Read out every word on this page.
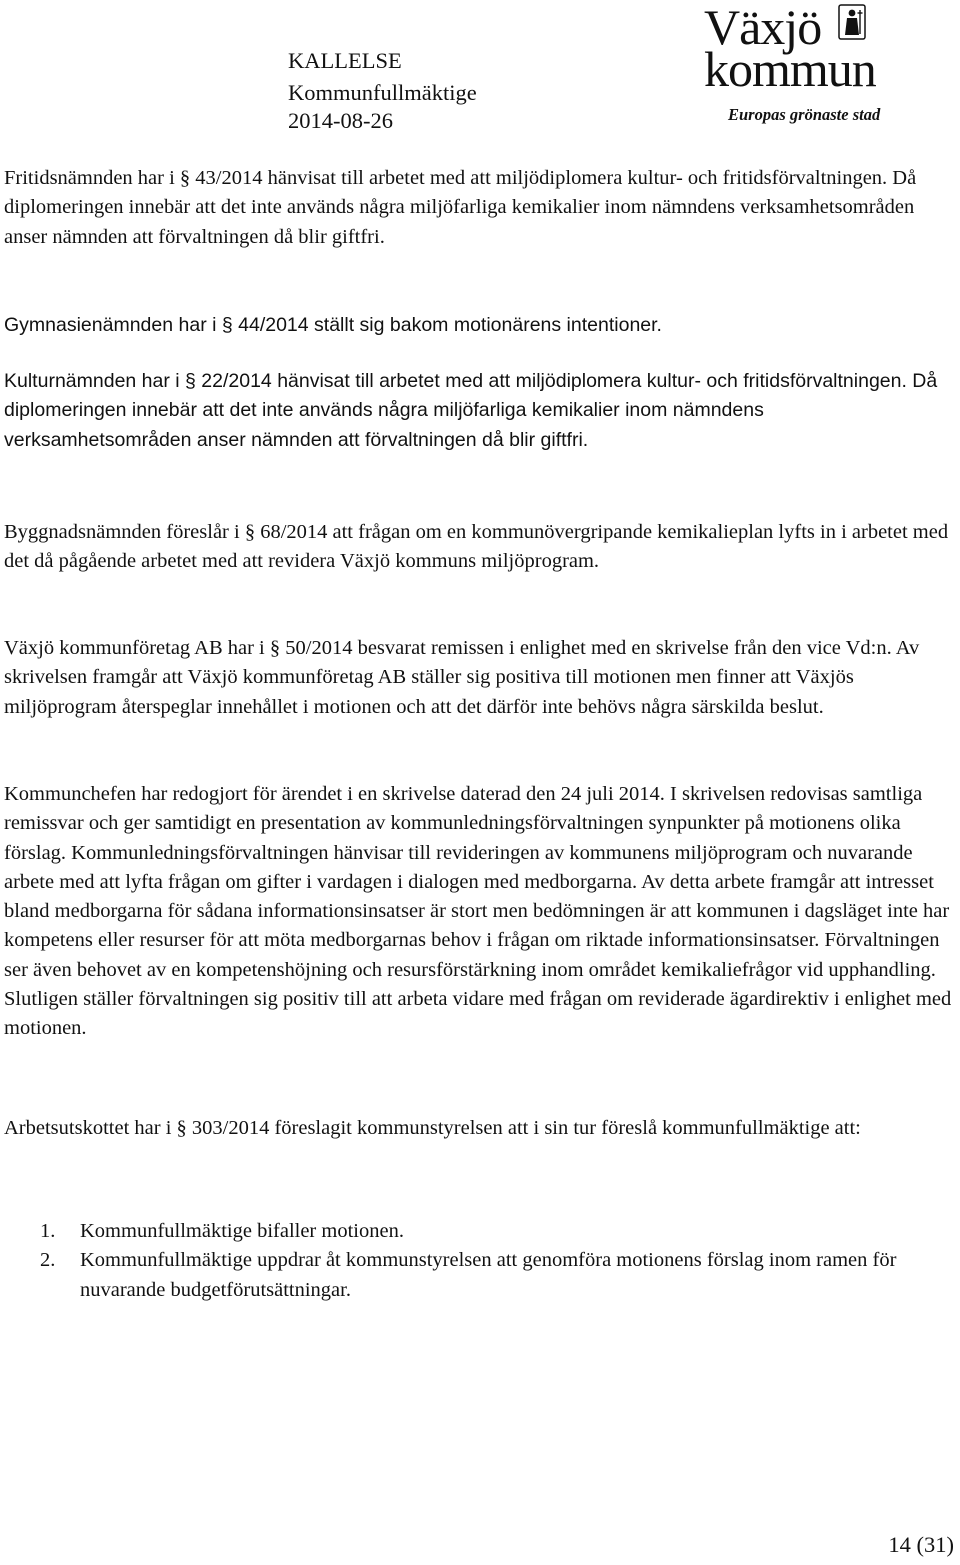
KALLELSE
Kommunfullmäktige
2014-08-26
Växjö
kommun
Europas grönaste stad

Fritidsnämnden har i § 43/2014 hänvisat till arbetet med att miljödiplomera kultur- och fritidsförvaltningen. Då diplomeringen innebär att det inte används några miljöfarliga kemikalier inom nämndens verksamhetsområden anser nämnden att förvaltningen då blir giftfri.

Gymnasienämnden har i § 44/2014 ställt sig bakom motionärens intentioner.

Kulturnämnden har i § 22/2014 hänvisat till arbetet med att miljödiplomera kultur- och fritidsförvaltningen. Då diplomeringen innebär att det inte används några miljöfarliga kemikalier inom nämndens verksamhetsområden anser nämnden att förvaltningen då blir giftfri.

Byggnadsnämnden föreslår i § 68/2014 att frågan om en kommunövergripande kemikalieplan lyfts in i arbetet med det då pågående arbetet med att revidera Växjö kommuns miljöprogram.

Växjö kommunföretag AB har i § 50/2014 besvarat remissen i enlighet med en skrivelse från den vice Vd:n. Av skrivelsen framgår att Växjö kommunföretag AB ställer sig positiva till motionen men finner att Växjös miljöprogram återspeglar innehållet i motionen och att det därför inte behövs några särskilda beslut.

Kommunchefen har redogjort för ärendet i en skrivelse daterad den 24 juli 2014. I skrivelsen redovisas samtliga remissvar och ger samtidigt en presentation av kommunledningsförvaltningen synpunkter på motionens olika förslag. Kommunledningsförvaltningen hänvisar till revideringen av kommunens miljöprogram och nuvarande arbete med att lyfta frågan om gifter i vardagen i dialogen med medborgarna. Av detta arbete framgår att intresset bland medborgarna för sådana informationsinsatser är stort men bedömningen är att kommunen i dagsläget inte har kompetens eller resurser för att möta medborgarnas behov i frågan om riktade informationsinsatser. Förvaltningen ser även behovet av en kompetenshöjning och resursförstärkning inom området kemikaliefrågor vid upphandling. Slutligen ställer förvaltningen sig positiv till att arbeta vidare med frågan om reviderade ägardirektiv i enlighet med motionen.

Arbetsutskottet har i § 303/2014 föreslagit kommunstyrelsen att i sin tur föreslå kommunfullmäktige att:

1. Kommunfullmäktige bifaller motionen.
2. Kommunfullmäktige uppdrar åt kommunstyrelsen att genomföra motionens förslag inom ramen för nuvarande budgetförutsättningar.
14 (31)
